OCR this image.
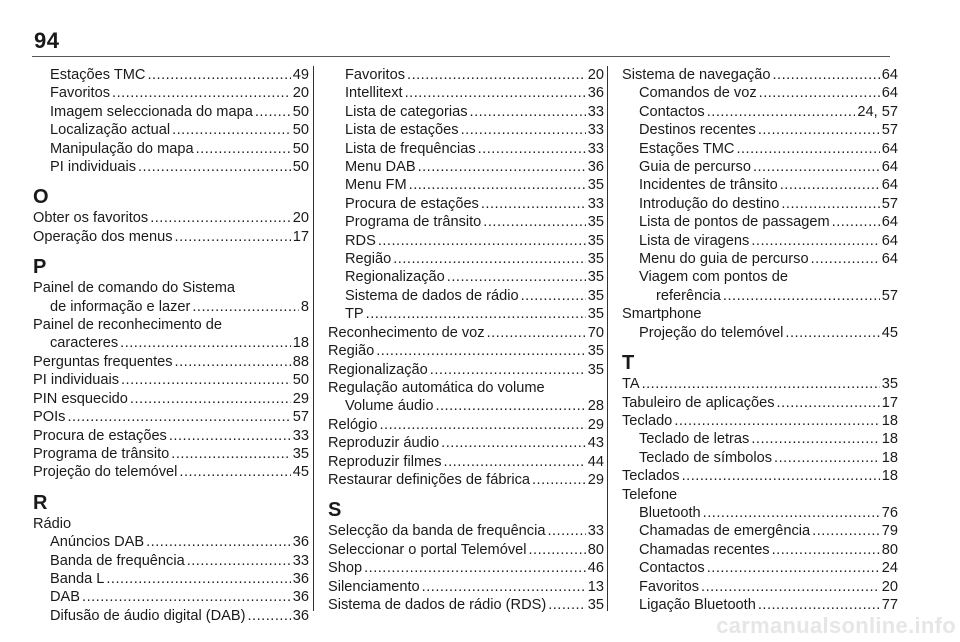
94
Estações TMC .....	49
Favoritos .....	20
Imagem seleccionada do mapa .....	50
Localização actual .....	50
Manipulação do mapa .....	50
PI individuais .....	50
O
Obter os favoritos .....	20
Operação dos menus .....	17
P
Painel de comando do Sistema
de informação e lazer .....	8
Painel de reconhecimento de
caracteres .....	18
Perguntas frequentes .....	88
PI individuais .....	50
PIN esquecido .....	29
POIs .....	57
Procura de estações .....	33
Programa de trânsito .....	35
Projeção do telemóvel .....	45
R
Rádio
Anúncios DAB .....	36
Banda de frequência .....	33
Banda L .....	36
DAB .....	36
Difusão de áudio digital (DAB) .....	36
Favoritos .....	20
Intellitext .....	36
Lista de categorias .....	33
Lista de estações .....	33
Lista de frequências .....	33
Menu DAB .....	36
Menu FM .....	35
Procura de estações .....	33
Programa de trânsito .....	35
RDS .....	35
Região .....	35
Regionalização .....	35
Sistema de dados de rádio .....	35
TP .....	35
Reconhecimento de voz .....	70
Região .....	35
Regionalização .....	35
Regulação automática do volume
Volume áudio .....	28
Relógio .....	29
Reproduzir áudio .....	43
Reproduzir filmes .....	44
Restaurar definições de fábrica .....	29
S
Selecção da banda de frequência .....	33
Seleccionar o portal Telemóvel .....	80
Shop .....	46
Silenciamento .....	13
Sistema de dados de rádio (RDS) .....	35
Sistema de navegação .....	64
Comandos de voz .....	64
Contactos .....	24, 57
Destinos recentes .....	57
Estações TMC .....	64
Guia de percurso .....	64
Incidentes de trânsito .....	64
Introdução do destino .....	57
Lista de pontos de passagem .....	64
Lista de viragens .....	64
Menu do guia de percurso .....	64
Viagem com pontos de
referência .....	57
Smartphone
Projeção do telemóvel .....	45
T
TA .....	35
Tabuleiro de aplicações .....	17
Teclado .....	18
Teclado de letras .....	18
Teclado de símbolos .....	18
Teclados .....	18
Telefone
Bluetooth .....	76
Chamadas de emergência .....	79
Chamadas recentes .....	80
Contactos .....	24
Favoritos .....	20
Ligação Bluetooth .....	77
carmanualsonline.info
